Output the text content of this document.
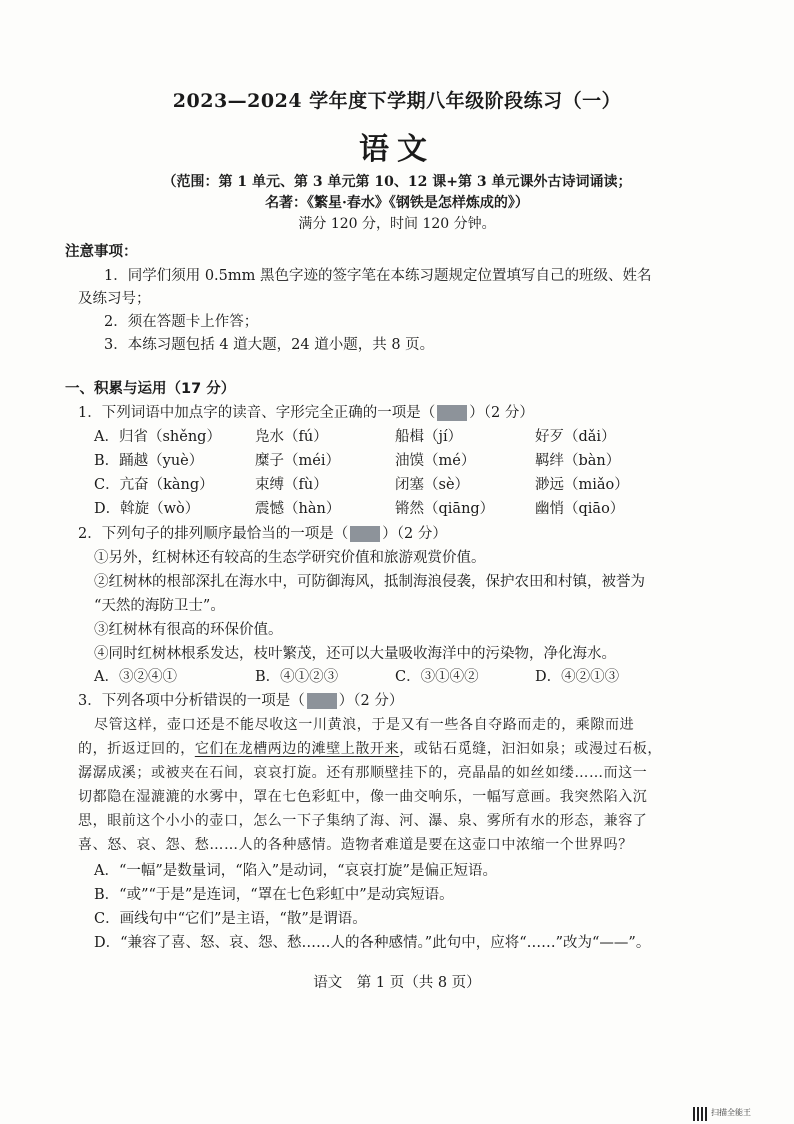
2023—2024 学年度下学期八年级阶段练习（一）
语文
（范围：第 1 单元、第 3 单元第 10、12 课+第 3 单元课外古诗词诵读；
名著：《繁星·春水》《钢铁是怎样炼成的》）
满分 120 分，时间 120 分钟。
注意事项：
1．同学们须用 0.5mm 黑色字迹的签字笔在本练习题规定位置填写自己的班级、姓名
及练习号；
2．须在答题卡上作答；
3．本练习题包括 4 道大题，24 道小题，共 8 页。
一、积累与运用（17 分）
1．下列词语中加点字的读音、字形完全正确的一项是（ ）（2 分）
A．归省（shěng） 凫水（fú）	船楫（jí）	好歹（dǎi）
B．踊越（yuè）	糜子（méi）	油馍（mé）	羁绊（bàn）
C．亢奋（kàng）	束缚（fù）	闭塞（sè）	渺远（miǎo）
D．斡旋（wò）	震憾（hàn）	锵然（qiāng）	幽悄（qiāo）
2．下列句子的排列顺序最恰当的一项是（ ）（2 分）
①另外，红树林还有较高的生态学研究价值和旅游观赏价值。
②红树林的根部深扎在海水中，可防御海风，抵制海浪侵袭，保护农田和村镇，被誉为
“天然的海防卫士”。
③红树林有很高的环保价值。
④同时红树林根系发达，枝叶繁茂，还可以大量吸收海洋中的污染物，净化海水。
A．③②④①	B．④①②③	C．③①④②	D．④②①③
3．下列各项中分析错误的一项是（ ）（2 分）
尽管这样，壶口还是不能尽收这一川黄浪，于是又有一些各自夺路而走的，乘隙而进
的，折返迂回的，它们在龙槽两边的滩壁上散开来，或钻石觅缝，汩汩如泉；或漫过石板，
潺潺成溪；或被夹在石间，哀哀打旋。还有那顺壁挂下的，亮晶晶的如丝如缕……而这一
切都隐在湿漉漉的水雾中，罩在七色彩虹中，像一曲交响乐，一幅写意画。我突然陷入沉
思，眼前这个小小的壶口，怎么一下子集纳了海、河、瀑、泉、雾所有水的形态，兼容了
喜、怒、哀、怨、愁……人的各种感情。造物者难道是要在这壶口中浓缩一个世界吗？
A．“一幅”是数量词，“陷入”是动词，“哀哀打旋”是偏正短语。
B．“或”“于是”是连词，“罩在七色彩虹中”是动宾短语。
C．画线句中“它们”是主语，“散”是谓语。
D．“兼容了喜、怒、哀、怨、愁……人的各种感情。”此句中，应将“……”改为“——”。
语文　第 1 页（共 8 页）
扫描全能王
